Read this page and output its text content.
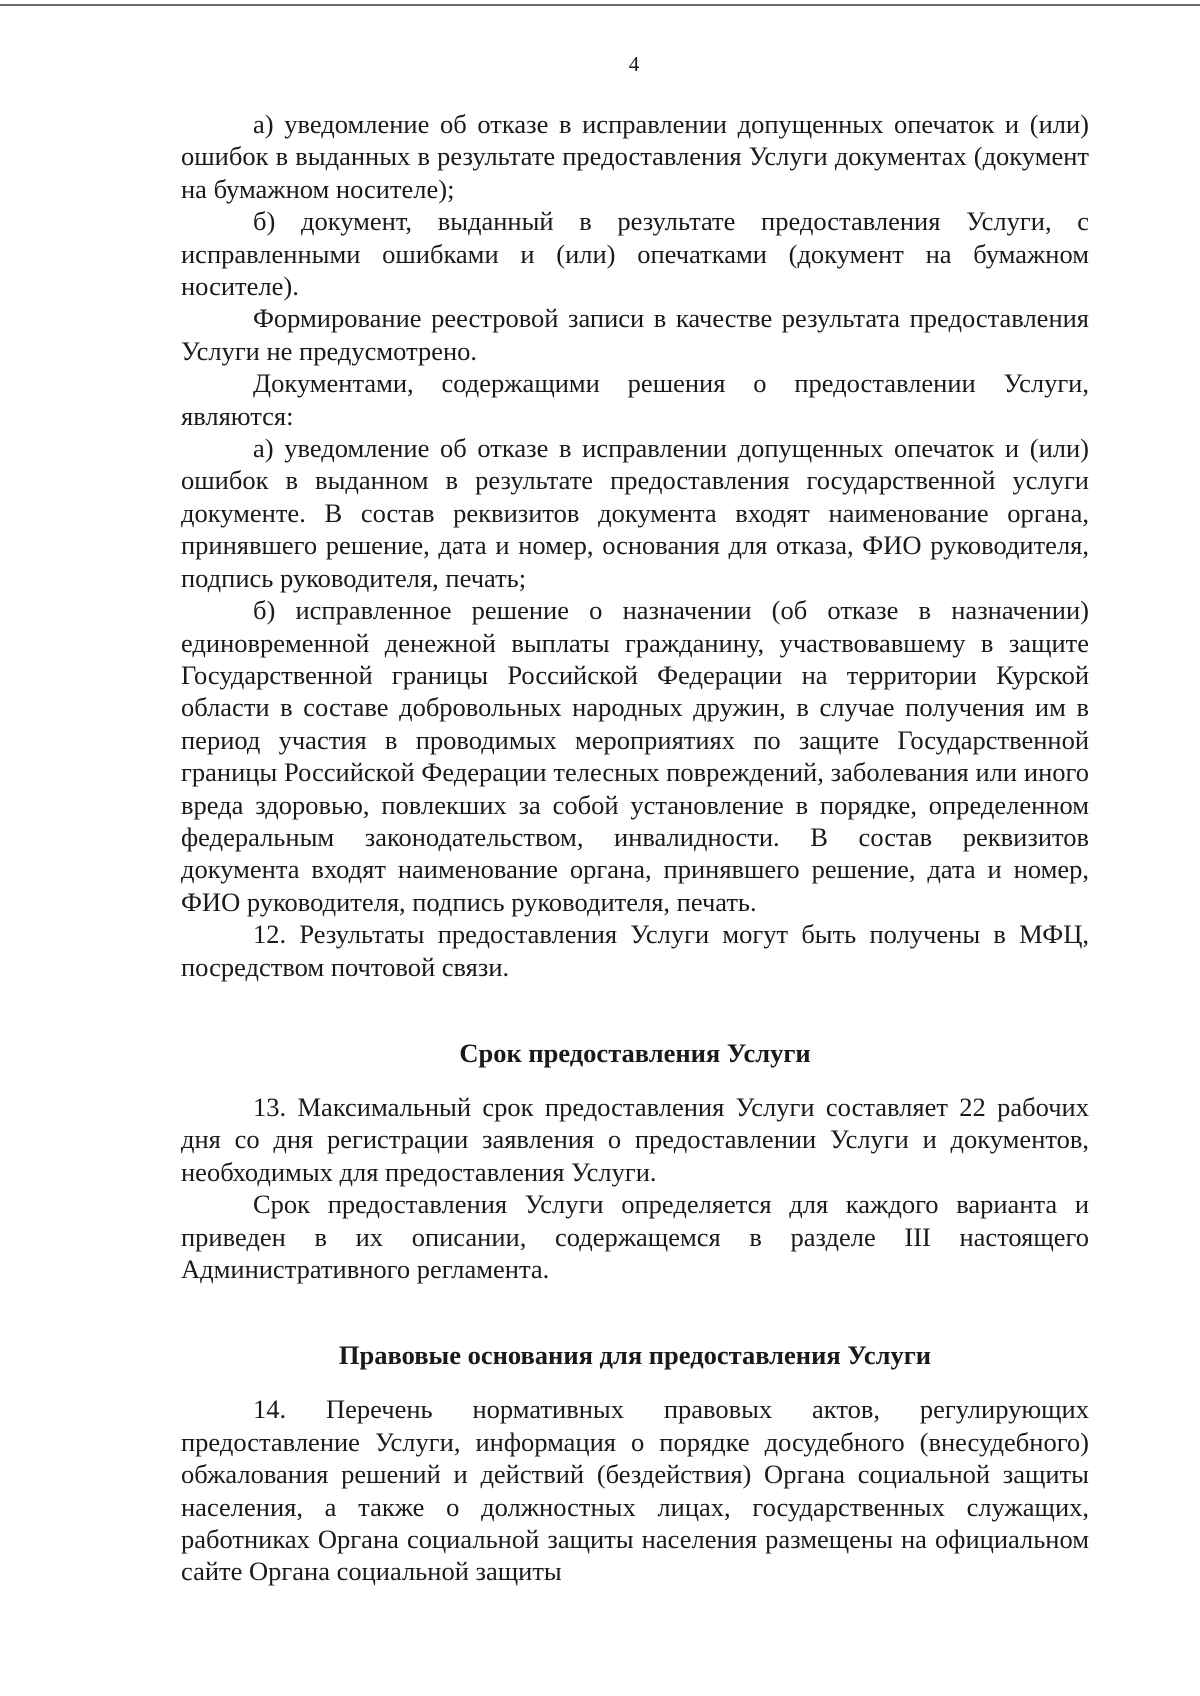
4

а) уведомление об отказе в исправлении допущенных опечаток и (или) ошибок в выданных в результате предоставления Услуги документах (документ на бумажном носителе);

б) документ, выданный в результате предоставления Услуги, с исправленными ошибками и (или) опечатками (документ на бумажном носителе).

Формирование реестровой записи в качестве результата предоставления Услуги не предусмотрено.

Документами, содержащими решения о предоставлении Услуги, являются:

а) уведомление об отказе в исправлении допущенных опечаток и (или) ошибок в выданном в результате предоставления государственной услуги документе. В состав реквизитов документа входят наименование органа, принявшего решение, дата и номер, основания для отказа, ФИО руководителя, подпись руководителя, печать;

б) исправленное решение о назначении (об отказе в назначении) единовременной денежной выплаты гражданину, участвовавшему в защите Государственной границы Российской Федерации на территории Курской области в составе добровольных народных дружин, в случае получения им в период участия в проводимых мероприятиях по защите Государственной границы Российской Федерации телесных повреждений, заболевания или иного вреда здоровью, повлекших за собой установление в порядке, определенном федеральным законодательством, инвалидности. В состав реквизитов документа входят наименование органа, принявшего решение, дата и номер, ФИО руководителя, подпись руководителя, печать.

12. Результаты предоставления Услуги могут быть получены в МФЦ, посредством почтовой связи.

Срок предоставления Услуги

13. Максимальный срок предоставления Услуги составляет 22 рабочих дня со дня регистрации заявления о предоставлении Услуги и документов, необходимых для предоставления Услуги.

Срок предоставления Услуги определяется для каждого варианта и приведен в их описании, содержащемся в разделе III настоящего Административного регламента.

Правовые основания для предоставления Услуги

14. Перечень нормативных правовых актов, регулирующих предоставление Услуги, информация о порядке досудебного (внесудебного) обжалования решений и действий (бездействия) Органа социальной защиты населения, а также о должностных лицах, государственных служащих, работниках Органа социальной защиты населения размещены на официальном сайте Органа социальной защиты
